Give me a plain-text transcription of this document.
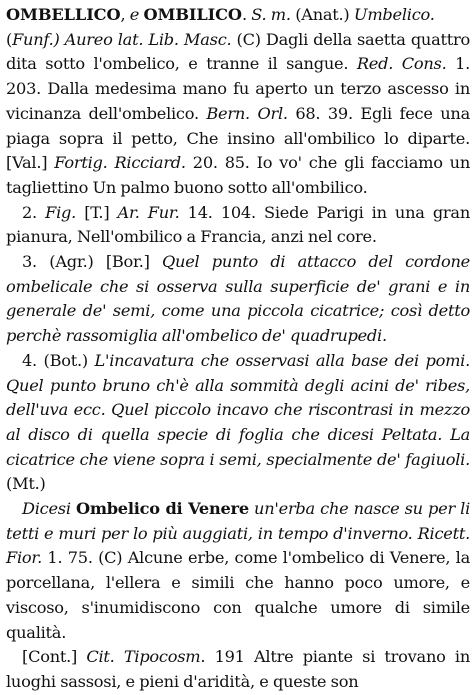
OMBELLICO, e OMBILICO. S. m. (Anat.) Umbelico.
(Funf.) Aureo lat. Lib. Masc. (C) Dagli della saetta quattro dita sotto l'ombelico, e tranne il sangue. Red. Cons. 1. 203. Dalla medesima mano fu aperto un terzo ascesso in vicinanza dell'ombelico. Bern. Orl. 68. 39. Egli fece una piaga sopra il petto, Che insino all'ombilico lo diparte. [Val.] Fortig. Ricciard. 20. 85. Io vo' che gli facciamo un tagliettino Un palmo buono sotto all'ombilico.

2. Fig. [T.] Ar. Fur. 14. 104. Siede Parigi in una gran pianura, Nell'ombilico a Francia, anzi nel core.

3. (Agr.) [Bor.] Quel punto di attacco del cordone ombelicale che si osserva sulla superficie de' grani e in generale de' semi, come una piccola cicatrice; così detto perchè rassomiglia all'ombelico de' quadrupedi.

4. (Bot.) L'incavatura che osservasi alla base dei pomi. Quel punto bruno ch'è alla sommità degli acini de' ribes, dell'uva ecc. Quel piccolo incavo che riscontrasi in mezzo al disco di quella specie di foglia che dicesi Peltata. La cicatrice che viene sopra i semi, specialmente de' fagiuoli. (Mt.)

Dicesi Ombelico di Venere un'erba che nasce su per li tetti e muri per lo più auggiati, in tempo d'inverno. Ricett. Fior. 1. 75. (C) Alcune erbe, come l'ombelico di Venere, la porcellana, l'ellera e simili che hanno poco umore, e viscoso, s'inumidiscono con qualche umore di simile qualità.

[Cont.] Cit. Tipocosm. 191 Altre piante si trovano in luoghi sassosi, e pieni d'aridità, e queste son
